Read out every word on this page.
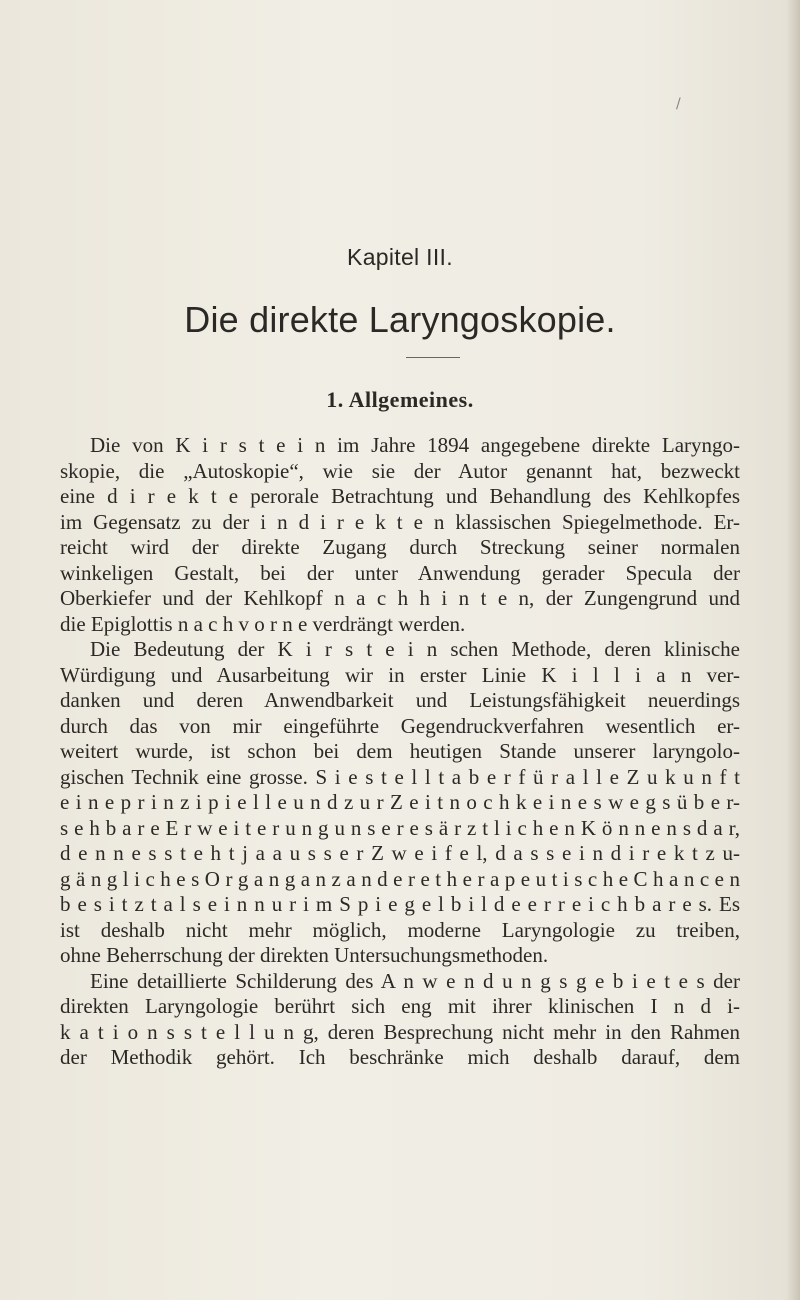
/
Kapitel III.
Die direkte Laryngoskopie.
1. Allgemeines.
Die von K i r s t e i n im Jahre 1894 angegebene direkte Laryngo-
skopie, die „Autoskopie“, wie sie der Autor genannt hat, bezweckt
eine d i r e k t e perorale Betrachtung und Behandlung des Kehlkopfes
im Gegensatz zu der i n d i r e k t e n klassischen Spiegelmethode. Er-
reicht wird der direkte Zugang durch Streckung seiner normalen
winkeligen Gestalt, bei der unter Anwendung gerader Specula der
Oberkiefer und der Kehlkopf n a c h h i n t e n, der Zungengrund und
die Epiglottis n a c h v o r n e verdrängt werden.
Die Bedeutung der K i r s t e i n schen Methode, deren klinische
Würdigung und Ausarbeitung wir in erster Linie K i l l i a n ver-
danken und deren Anwendbarkeit und Leistungsfähigkeit neuerdings
durch das von mir eingeführte Gegendruckverfahren wesentlich er-
weitert wurde, ist schon bei dem heutigen Stande unserer laryngolo-
gischen Technik eine grosse. S i e s t e l l t a b e r f ü r a l l e Z u k u n f t
e i n e p r i n z i p i e l l e u n d z u r Z e i t n o c h k e i n e s w e g s ü b e r-
s e h b a r e E r w e i t e r u n g u n s e r e s ä r z t l i c h e n K ö n n e n s d a r,
d e n n e s s t e h t j a a u s s e r Z w e i f e l, d a s s e i n d i r e k t z u-
g ä n g l i c h e s O r g a n g a n z a n d e r e t h e r a p e u t i s c h e C h a n c e n
b e s i t z t a l s e i n n u r i m S p i e g e l b i l d e e r r e i c h b a r e s. Es
ist deshalb nicht mehr möglich, moderne Laryngologie zu treiben,
ohne Beherrschung der direkten Untersuchungsmethoden.
Eine detaillierte Schilderung des A n w e n d u n g s g e b i e t e s der
direkten Laryngologie berührt sich eng mit ihrer klinischen I n d i-
k a t i o n s s t e l l u n g, deren Besprechung nicht mehr in den Rahmen
der Methodik gehört. Ich beschränke mich deshalb darauf, dem
